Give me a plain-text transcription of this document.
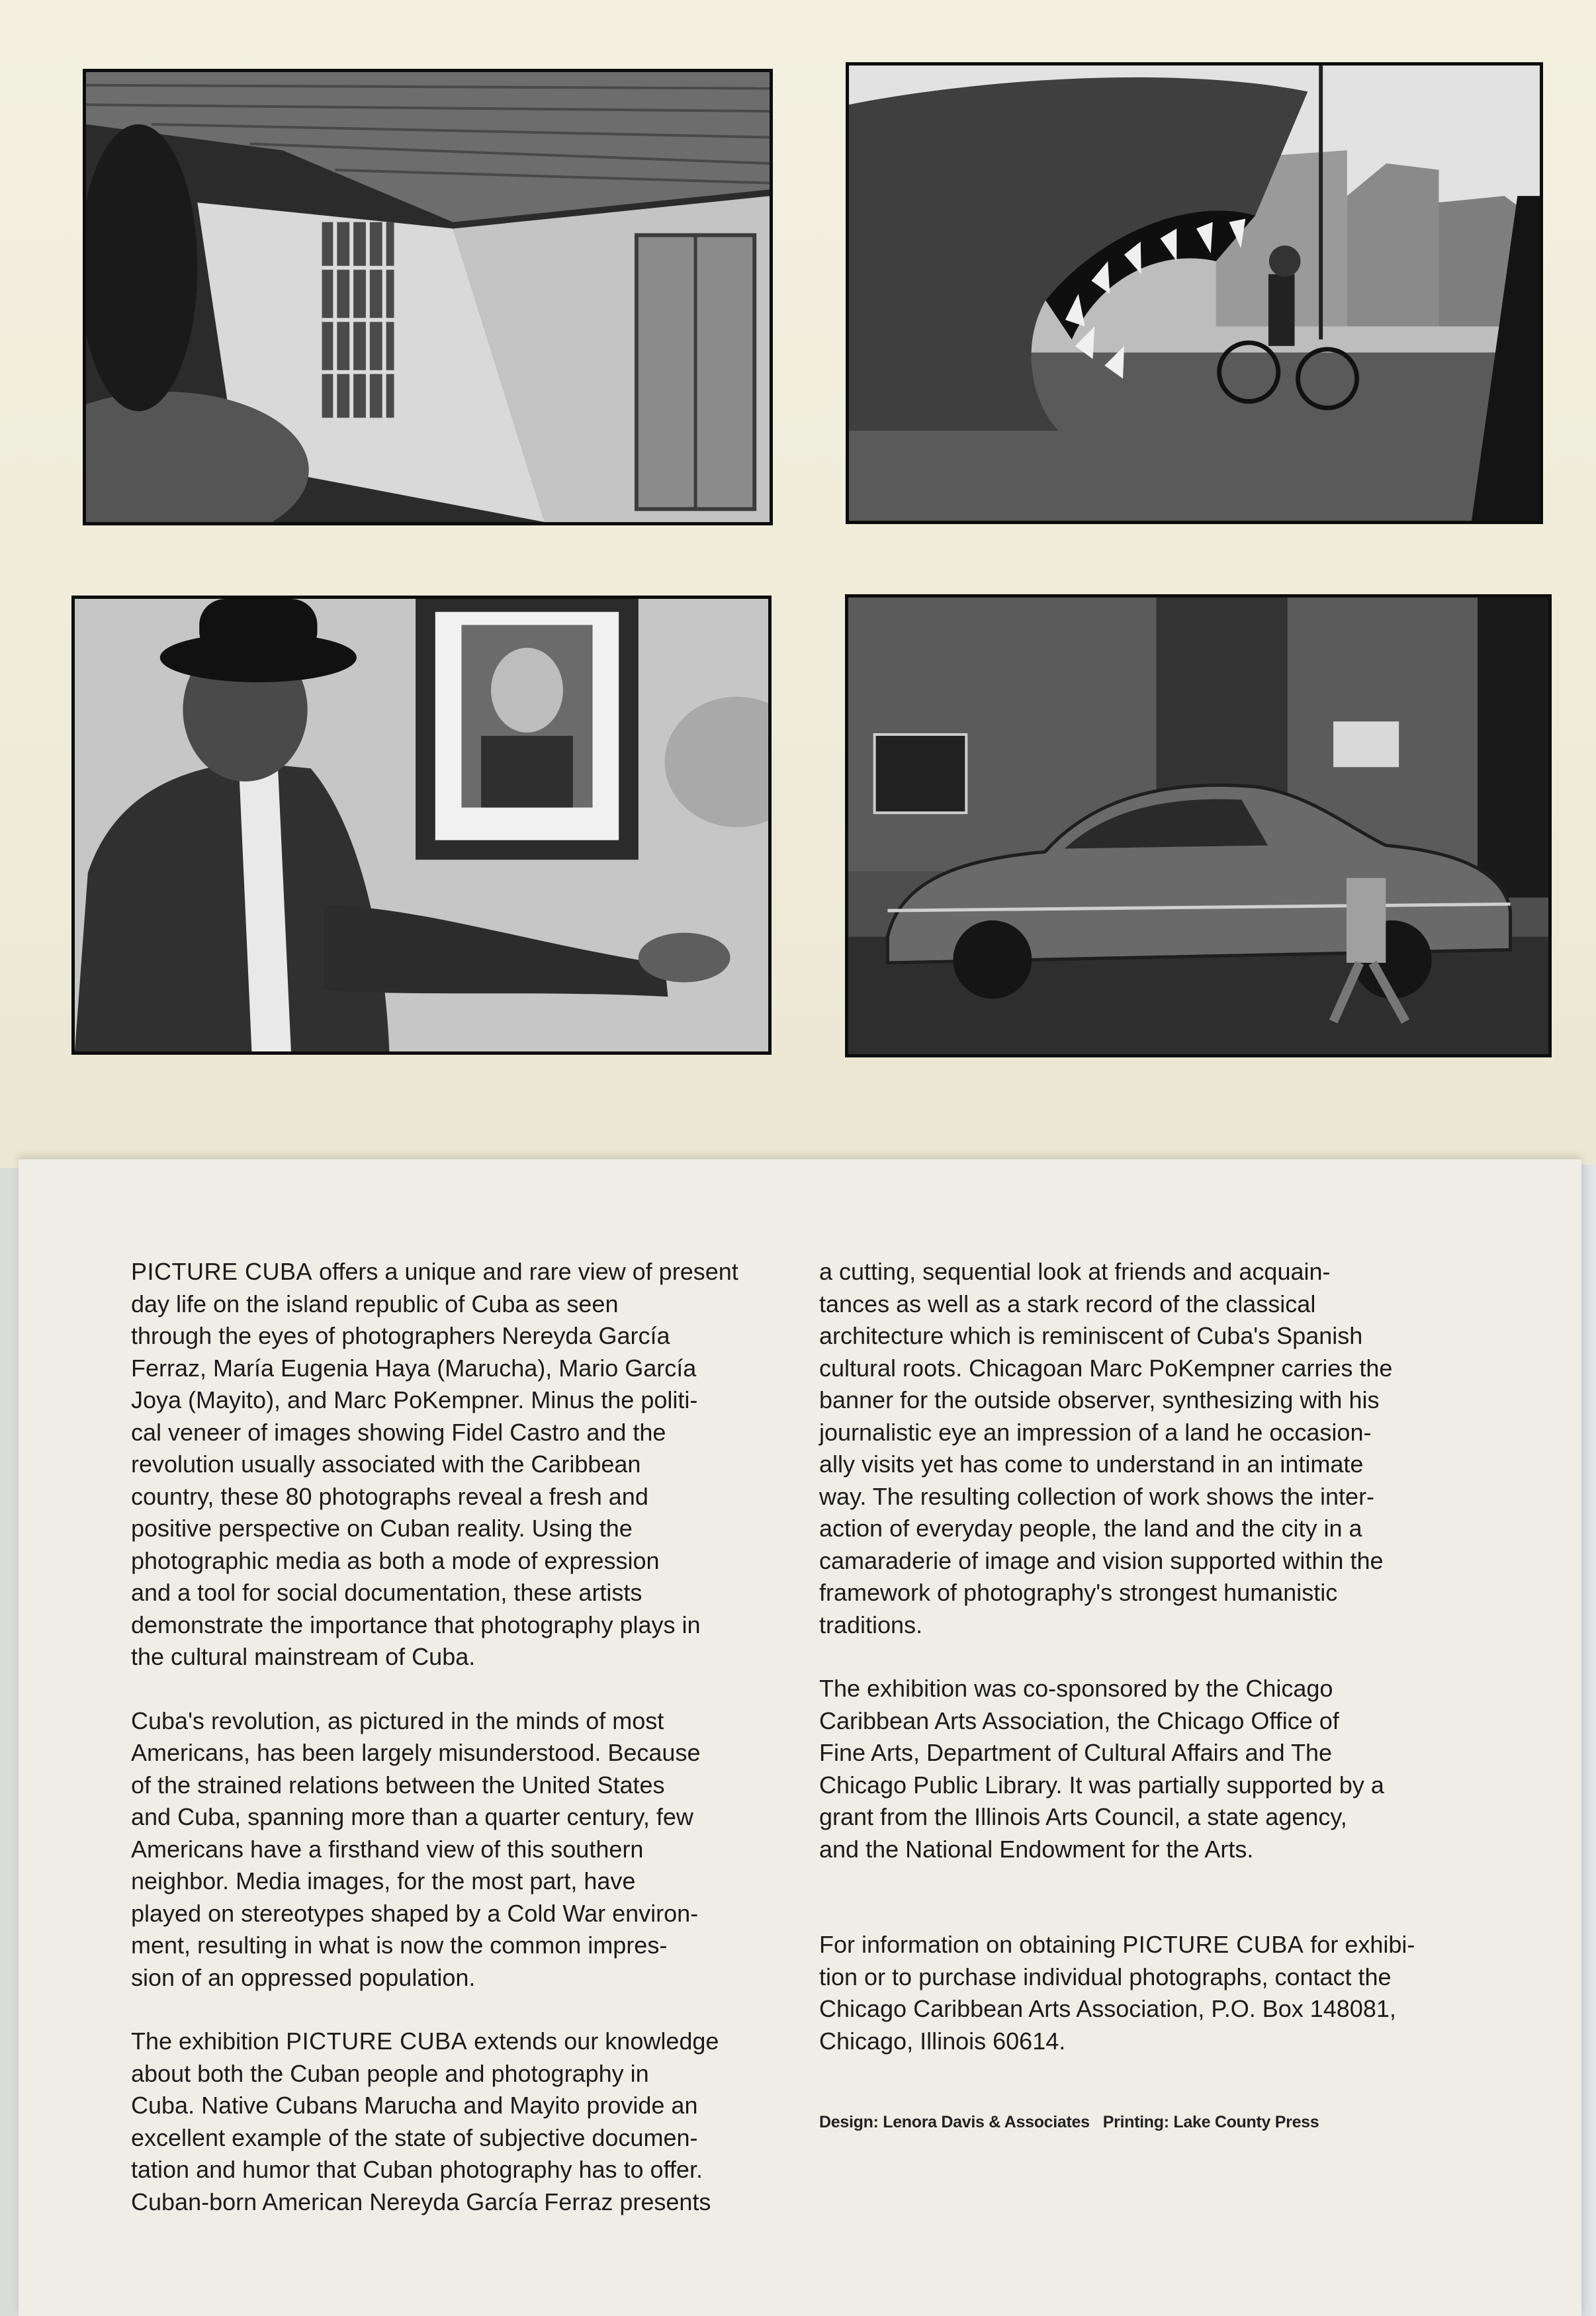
PICTURE CUBA offers a unique and rare view of present
day life on the island republic of Cuba as seen
through the eyes of photographers Nereyda García
Ferraz, María Eugenia Haya (Marucha), Mario García
Joya (Mayito), and Marc PoKempner. Minus the politi-
cal veneer of images showing Fidel Castro and the
revolution usually associated with the Caribbean
country, these 80 photographs reveal a fresh and
positive perspective on Cuban reality. Using the
photographic media as both a mode of expression
and a tool for social documentation, these artists
demonstrate the importance that photography plays in
the cultural mainstream of Cuba.

Cuba's revolution, as pictured in the minds of most
Americans, has been largely misunderstood. Because
of the strained relations between the United States
and Cuba, spanning more than a quarter century, few
Americans have a firsthand view of this southern
neighbor. Media images, for the most part, have
played on stereotypes shaped by a Cold War environ-
ment, resulting in what is now the common impres-
sion of an oppressed population.

The exhibition PICTURE CUBA extends our knowledge
about both the Cuban people and photography in
Cuba. Native Cubans Marucha and Mayito provide an
excellent example of the state of subjective documen-
tation and humor that Cuban photography has to offer.
Cuban-born American Nereyda García Ferraz presents

a cutting, sequential look at friends and acquain-
tances as well as a stark record of the classical
architecture which is reminiscent of Cuba's Spanish
cultural roots. Chicagoan Marc PoKempner carries the
banner for the outside observer, synthesizing with his
journalistic eye an impression of a land he occasion-
ally visits yet has come to understand in an intimate
way. The resulting collection of work shows the inter-
action of everyday people, the land and the city in a
camaraderie of image and vision supported within the
framework of photography's strongest humanistic
traditions.

The exhibition was co-sponsored by the Chicago
Caribbean Arts Association, the Chicago Office of
Fine Arts, Department of Cultural Affairs and The
Chicago Public Library. It was partially supported by a
grant from the Illinois Arts Council, a state agency,
and the National Endowment for the Arts.

For information on obtaining PICTURE CUBA for exhibi-
tion or to purchase individual photographs, contact the
Chicago Caribbean Arts Association, P.O. Box 148081,
Chicago, Illinois 60614.

Design: Lenora Davis & Associates   Printing: Lake County Press
